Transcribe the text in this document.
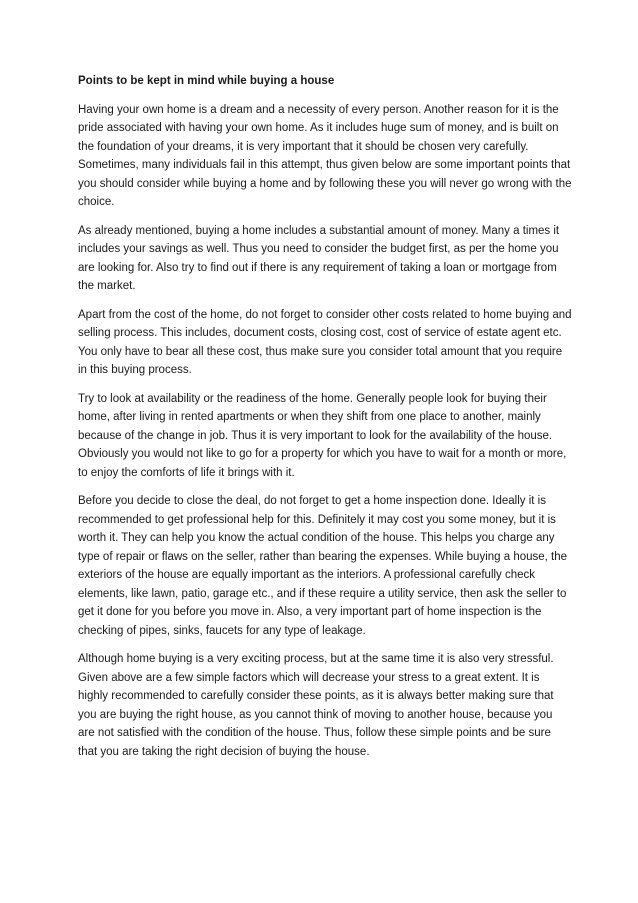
Points to be kept in mind while buying a house

Having your own home is a dream and a necessity of every person. Another reason for it is the pride associated with having your own home. As it includes huge sum of money, and is built on the foundation of your dreams, it is very important that it should be chosen very carefully. Sometimes, many individuals fail in this attempt, thus given below are some important points that you should consider while buying a home and by following these you will never go wrong with the choice.

As already mentioned, buying a home includes a substantial amount of money. Many a times it includes your savings as well. Thus you need to consider the budget first, as per the home you are looking for. Also try to find out if there is any requirement of taking a loan or mortgage from the market.

Apart from the cost of the home, do not forget to consider other costs related to home buying and selling process. This includes, document costs, closing cost, cost of service of estate agent etc. You only have to bear all these cost, thus make sure you consider total amount that you require in this buying process.

Try to look at availability or the readiness of the home. Generally people look for buying their home, after living in rented apartments or when they shift from one place to another, mainly because of the change in job. Thus it is very important to look for the availability of the house. Obviously you would not like to go for a property for which you have to wait for a month or more, to enjoy the comforts of life it brings with it.

Before you decide to close the deal, do not forget to get a home inspection done. Ideally it is recommended to get professional help for this. Definitely it may cost you some money, but it is worth it. They can help you know the actual condition of the house. This helps you charge any type of repair or flaws on the seller, rather than bearing the expenses. While buying a house, the exteriors of the house are equally important as the interiors. A professional carefully check elements, like lawn, patio, garage etc., and if these require a utility service, then ask the seller to get it done for you before you move in. Also, a very important part of home inspection is the checking of pipes, sinks, faucets for any type of leakage.

Although home buying is a very exciting process, but at the same time it is also very stressful. Given above are a few simple factors which will decrease your stress to a great extent. It is highly recommended to carefully consider these points, as it is always better making sure that you are buying the right house, as you cannot think of moving to another house, because you are not satisfied with the condition of the house. Thus, follow these simple points and be sure that you are taking the right decision of buying the house.
